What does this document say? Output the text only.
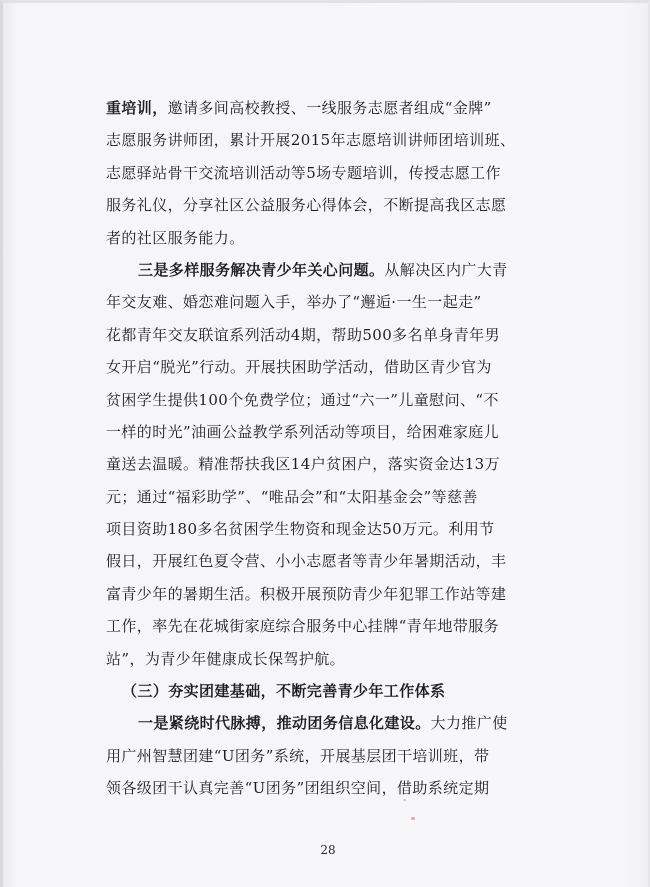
重培训，邀请多间高校教授、一线服务志愿者组成“金牌”
志愿服务讲师团，累计开展2015年志愿培训讲师团培训班、
志愿驿站骨干交流培训活动等5场专题培训，传授志愿工作
服务礼仪，分享社区公益服务心得体会，不断提高我区志愿
者的社区服务能力。
三是多样服务解决青少年关心问题。从解决区内广大青
年交友难、婚恋难问题入手，举办了“邂逅·一生一起走”
花都青年交友联谊系列活动4期，帮助500多名单身青年男
女开启“脱光”行动。开展扶困助学活动，借助区青少官为
贫困学生提供100个免费学位；通过“六一”儿童慰问、“不
一样的时光”油画公益教学系列活动等项目，给困难家庭儿
童送去温暖。精准帮扶我区14户贫困户，落实资金达13万
元；通过“福彩助学”、“唯品会”和“太阳基金会”等慈善
项目资助180多名贫困学生物资和现金达50万元。利用节
假日，开展红色夏令营、小小志愿者等青少年暑期活动，丰
富青少年的暑期生活。积极开展预防青少年犯罪工作站等建
工作，率先在花城街家庭综合服务中心挂牌“青年地带服务
站”，为青少年健康成长保驾护航。
（三）夯实团建基础，不断完善青少年工作体系
一是紧绕时代脉搏，推动团务信息化建设。大力推广使
用广州智慧团建“U团务”系统，开展基层团干培训班，带
领各级团干认真完善“U团务”团组织空间，借助系统定期
28
